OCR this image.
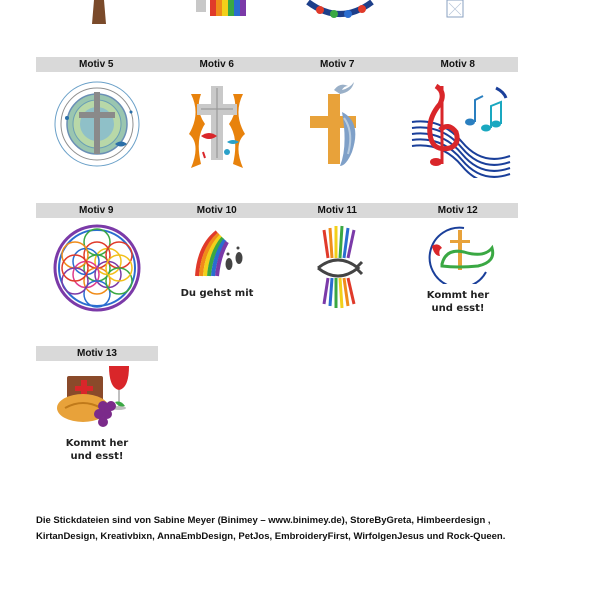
Motiv 5	Motiv 6	Motiv 7	Motiv 8
Motiv 9	Motiv 10	Motiv 11	Motiv 12
Du gehst mit	Kommt her
und esst!
Motiv 13
Kommt her
und esst!
Die Stickdateien sind von Sabine Meyer (Binimey – www.binimey.de), StoreByGreta, Himbeerdesign ,
KirtanDesign, Kreativbixn, AnnaEmbDesign, PetJos, EmbroideryFirst, WirfolgenJesus und Rock-Queen.
